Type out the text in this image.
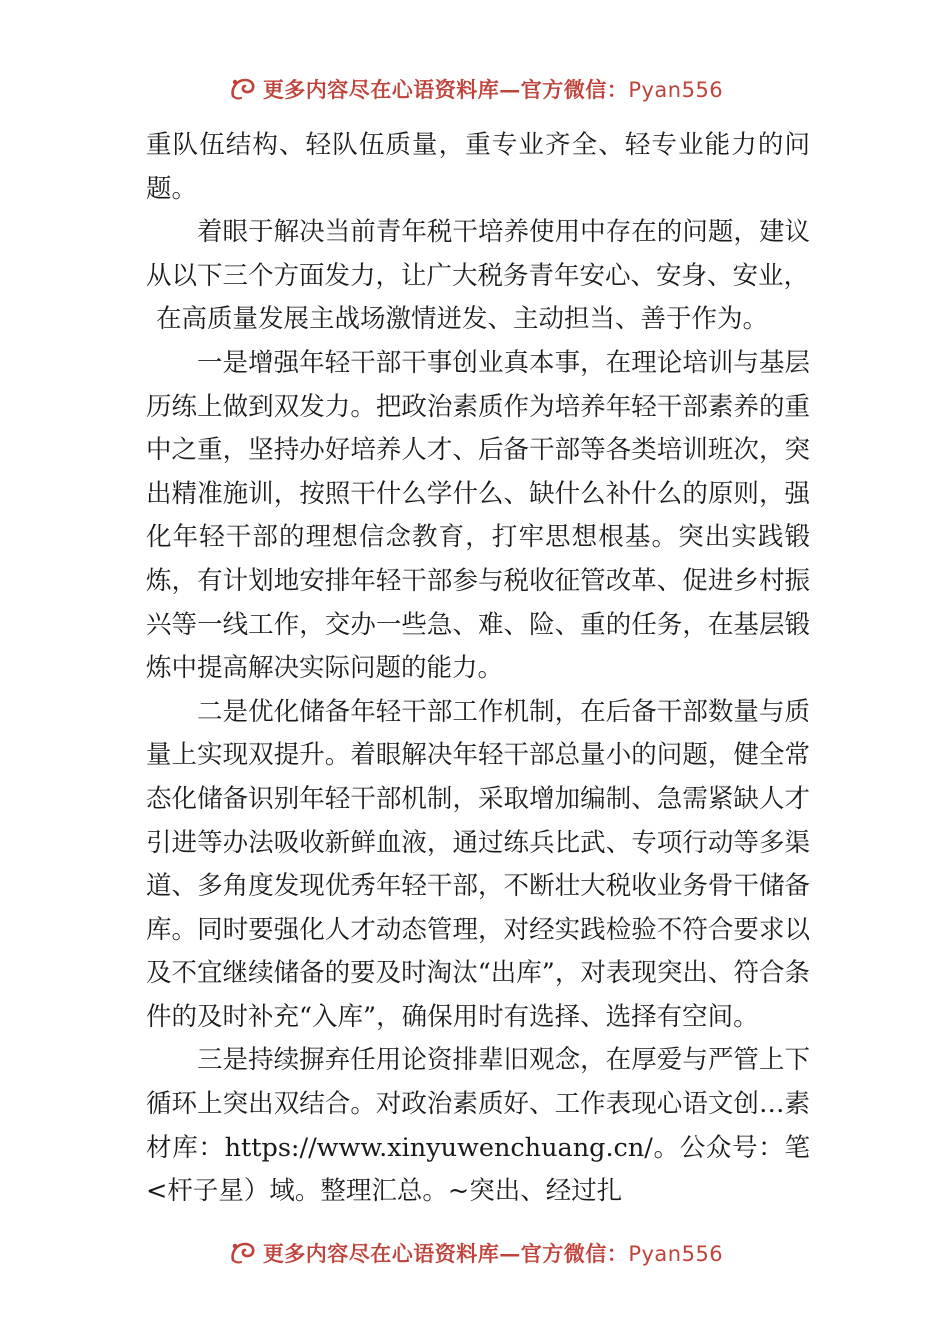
更多内容尽在心语资料库—官方微信：Pyan556

重队伍结构、轻队伍质量，重专业齐全、轻专业能力的问题。

着眼于解决当前青年税干培养使用中存在的问题，建议从以下三个方面发力，让广大税务青年安心、安身、安业，

在高质量发展主战场激情迸发、主动担当、善于作为。

一是增强年轻干部干事创业真本事，在理论培训与基层历练上做到双发力。把政治素质作为培养年轻干部素养的重中之重，坚持办好培养人才、后备干部等各类培训班次，突出精准施训，按照干什么学什么、缺什么补什么的原则，强化年轻干部的理想信念教育，打牢思想根基。突出实践锻炼，有计划地安排年轻干部参与税收征管改革、促进乡村振兴等一线工作，交办一些急、难、险、重的任务，在基层锻炼中提高解决实际问题的能力。

二是优化储备年轻干部工作机制，在后备干部数量与质量上实现双提升。着眼解决年轻干部总量小的问题，健全常态化储备识别年轻干部机制，采取增加编制、急需紧缺人才引进等办法吸收新鲜血液，通过练兵比武、专项行动等多渠道、多角度发现优秀年轻干部，不断壮大税收业务骨干储备库。同时要强化人才动态管理，对经实践检验不符合要求以及不宜继续储备的要及时淘汰“出库”，对表现突出、符合条件的及时补充“入库”，确保用时有选择、选择有空间。

三是持续摒弃任用论资排辈旧观念，在厚爱与严管上下循环上突出双结合。对政治素质好、工作表现心语文创…素材库：https://www.xinyuwenchuang.cn/。公众号：笔<杆子星）域。整理汇总。~突出、经过扎

更多内容尽在心语资料库—官方微信：Pyan556
